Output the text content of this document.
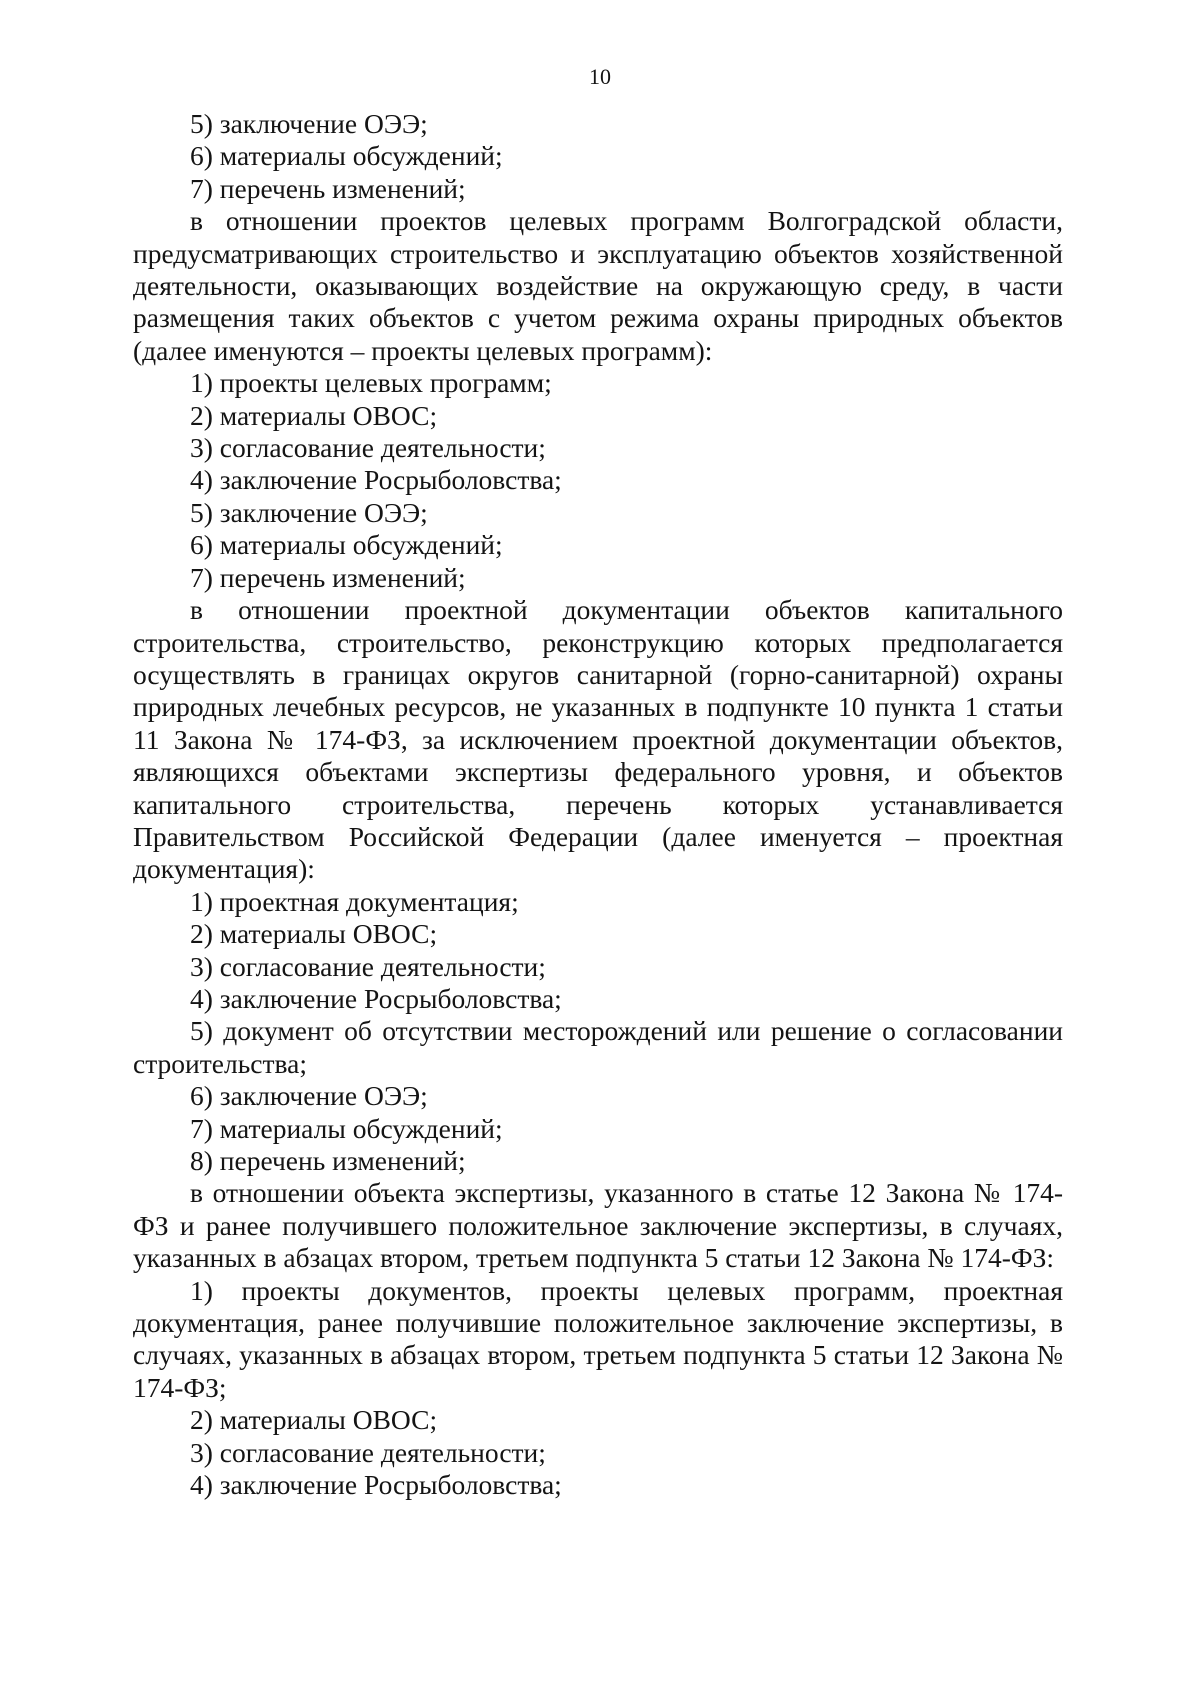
10

5) заключение ОЭЭ;

6) материалы обсуждений;

7) перечень изменений;

в отношении проектов целевых программ Волгоградской области, предусматривающих строительство и эксплуатацию объектов хозяйственной деятельности, оказывающих воздействие на окружающую среду, в части размещения таких объектов с учетом режима охраны природных объектов (далее именуются – проекты целевых программ):

1) проекты целевых программ;

2) материалы ОВОС;

3) согласование деятельности;

4) заключение Росрыболовства;

5) заключение ОЭЭ;

6) материалы обсуждений;

7) перечень изменений;

в отношении проектной документации объектов капитального строительства, строительство, реконструкцию которых предполагается осуществлять в границах округов санитарной (горно-санитарной) охраны природных лечебных ресурсов, не указанных в подпункте 10 пункта 1 статьи 11 Закона № 174-ФЗ, за исключением проектной документации объектов, являющихся объектами экспертизы федерального уровня, и объектов капитального строительства, перечень которых устанавливается Правительством Российской Федерации (далее именуется – проектная документация):

1) проектная документация;

2) материалы ОВОС;

3) согласование деятельности;

4) заключение Росрыболовства;

5) документ об отсутствии месторождений или решение о согласовании строительства;

6) заключение ОЭЭ;

7) материалы обсуждений;

8) перечень изменений;

в отношении объекта экспертизы, указанного в статье 12 Закона № 174-ФЗ и ранее получившего положительное заключение экспертизы, в случаях, указанных в абзацах втором, третьем подпункта 5 статьи 12 Закона № 174-ФЗ:

1) проекты документов, проекты целевых программ, проектная документация, ранее получившие положительное заключение экспертизы, в случаях, указанных в абзацах втором, третьем подпункта 5 статьи 12 Закона № 174-ФЗ;

2) материалы ОВОС;

3) согласование деятельности;

4) заключение Росрыболовства;
